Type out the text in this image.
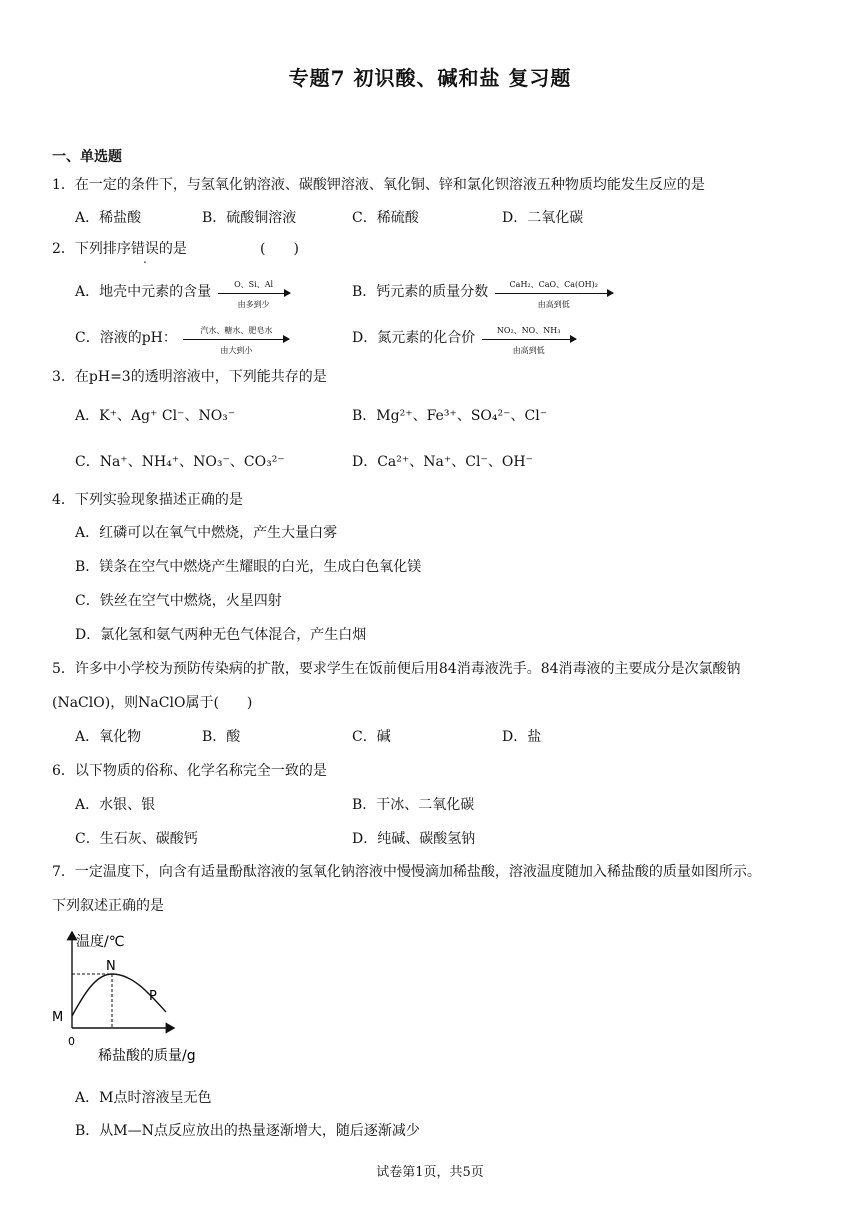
专题7 初识酸、碱和盐 复习题
一、单选题
1．在一定的条件下，与氢氧化钠溶液、碳酸钾溶液、氧化铜、锌和氯化钡溶液五种物质均能发生反应的是
A．稀盐酸	B．硫酸铜溶液	C．稀硫酸	D．二氧化碳
2．下列排序错误的是	(　　)
A．地壳中元素的含量	O、Si、Al
由多到少
B．钙元素的质量分数	CaH₂、CaO、Ca(OH)₂
由高到低
C．溶液的pH：	汽水、糖水、肥皂水
由大到小
D．氮元素的化合价	NO₂、NO、NH₃
由高到低
3．在pH=3的透明溶液中，下列能共存的是
A．K⁺、Ag⁺ Cl⁻、NO₃⁻	B．Mg²⁺、Fe³⁺、SO₄²⁻、Cl⁻
C．Na⁺、NH₄⁺、NO₃⁻、CO₃²⁻	D．Ca²⁺、Na⁺、Cl⁻、OH⁻
4．下列实验现象描述正确的是
A．红磷可以在氧气中燃烧，产生大量白雾
B．镁条在空气中燃烧产生耀眼的白光，生成白色氧化镁
C．铁丝在空气中燃烧，火星四射
D．氯化氢和氨气两种无色气体混合，产生白烟
5．许多中小学校为预防传染病的扩散，要求学生在饭前便后用84消毒液洗手。84消毒液的主要成分是次氯酸钠
(NaClO)，则NaClO属于(　　)
A．氧化物	B．酸	C．碱	D．盐
6．以下物质的俗称、化学名称完全一致的是
A．水银、银	B．干冰、二氧化碳
C．生石灰、碳酸钙	D．纯碱、碳酸氢钠
7．一定温度下，向含有适量酚酞溶液的氢氧化钠溶液中慢慢滴加稀盐酸，溶液温度随加入稀盐酸的质量如图所示。
下列叙述正确的是
温度/℃
M
N
P
0
稀盐酸的质量/g
A．M点时溶液呈无色
B．从M—N点反应放出的热量逐渐增大，随后逐渐减少
试卷第1页，共5页
